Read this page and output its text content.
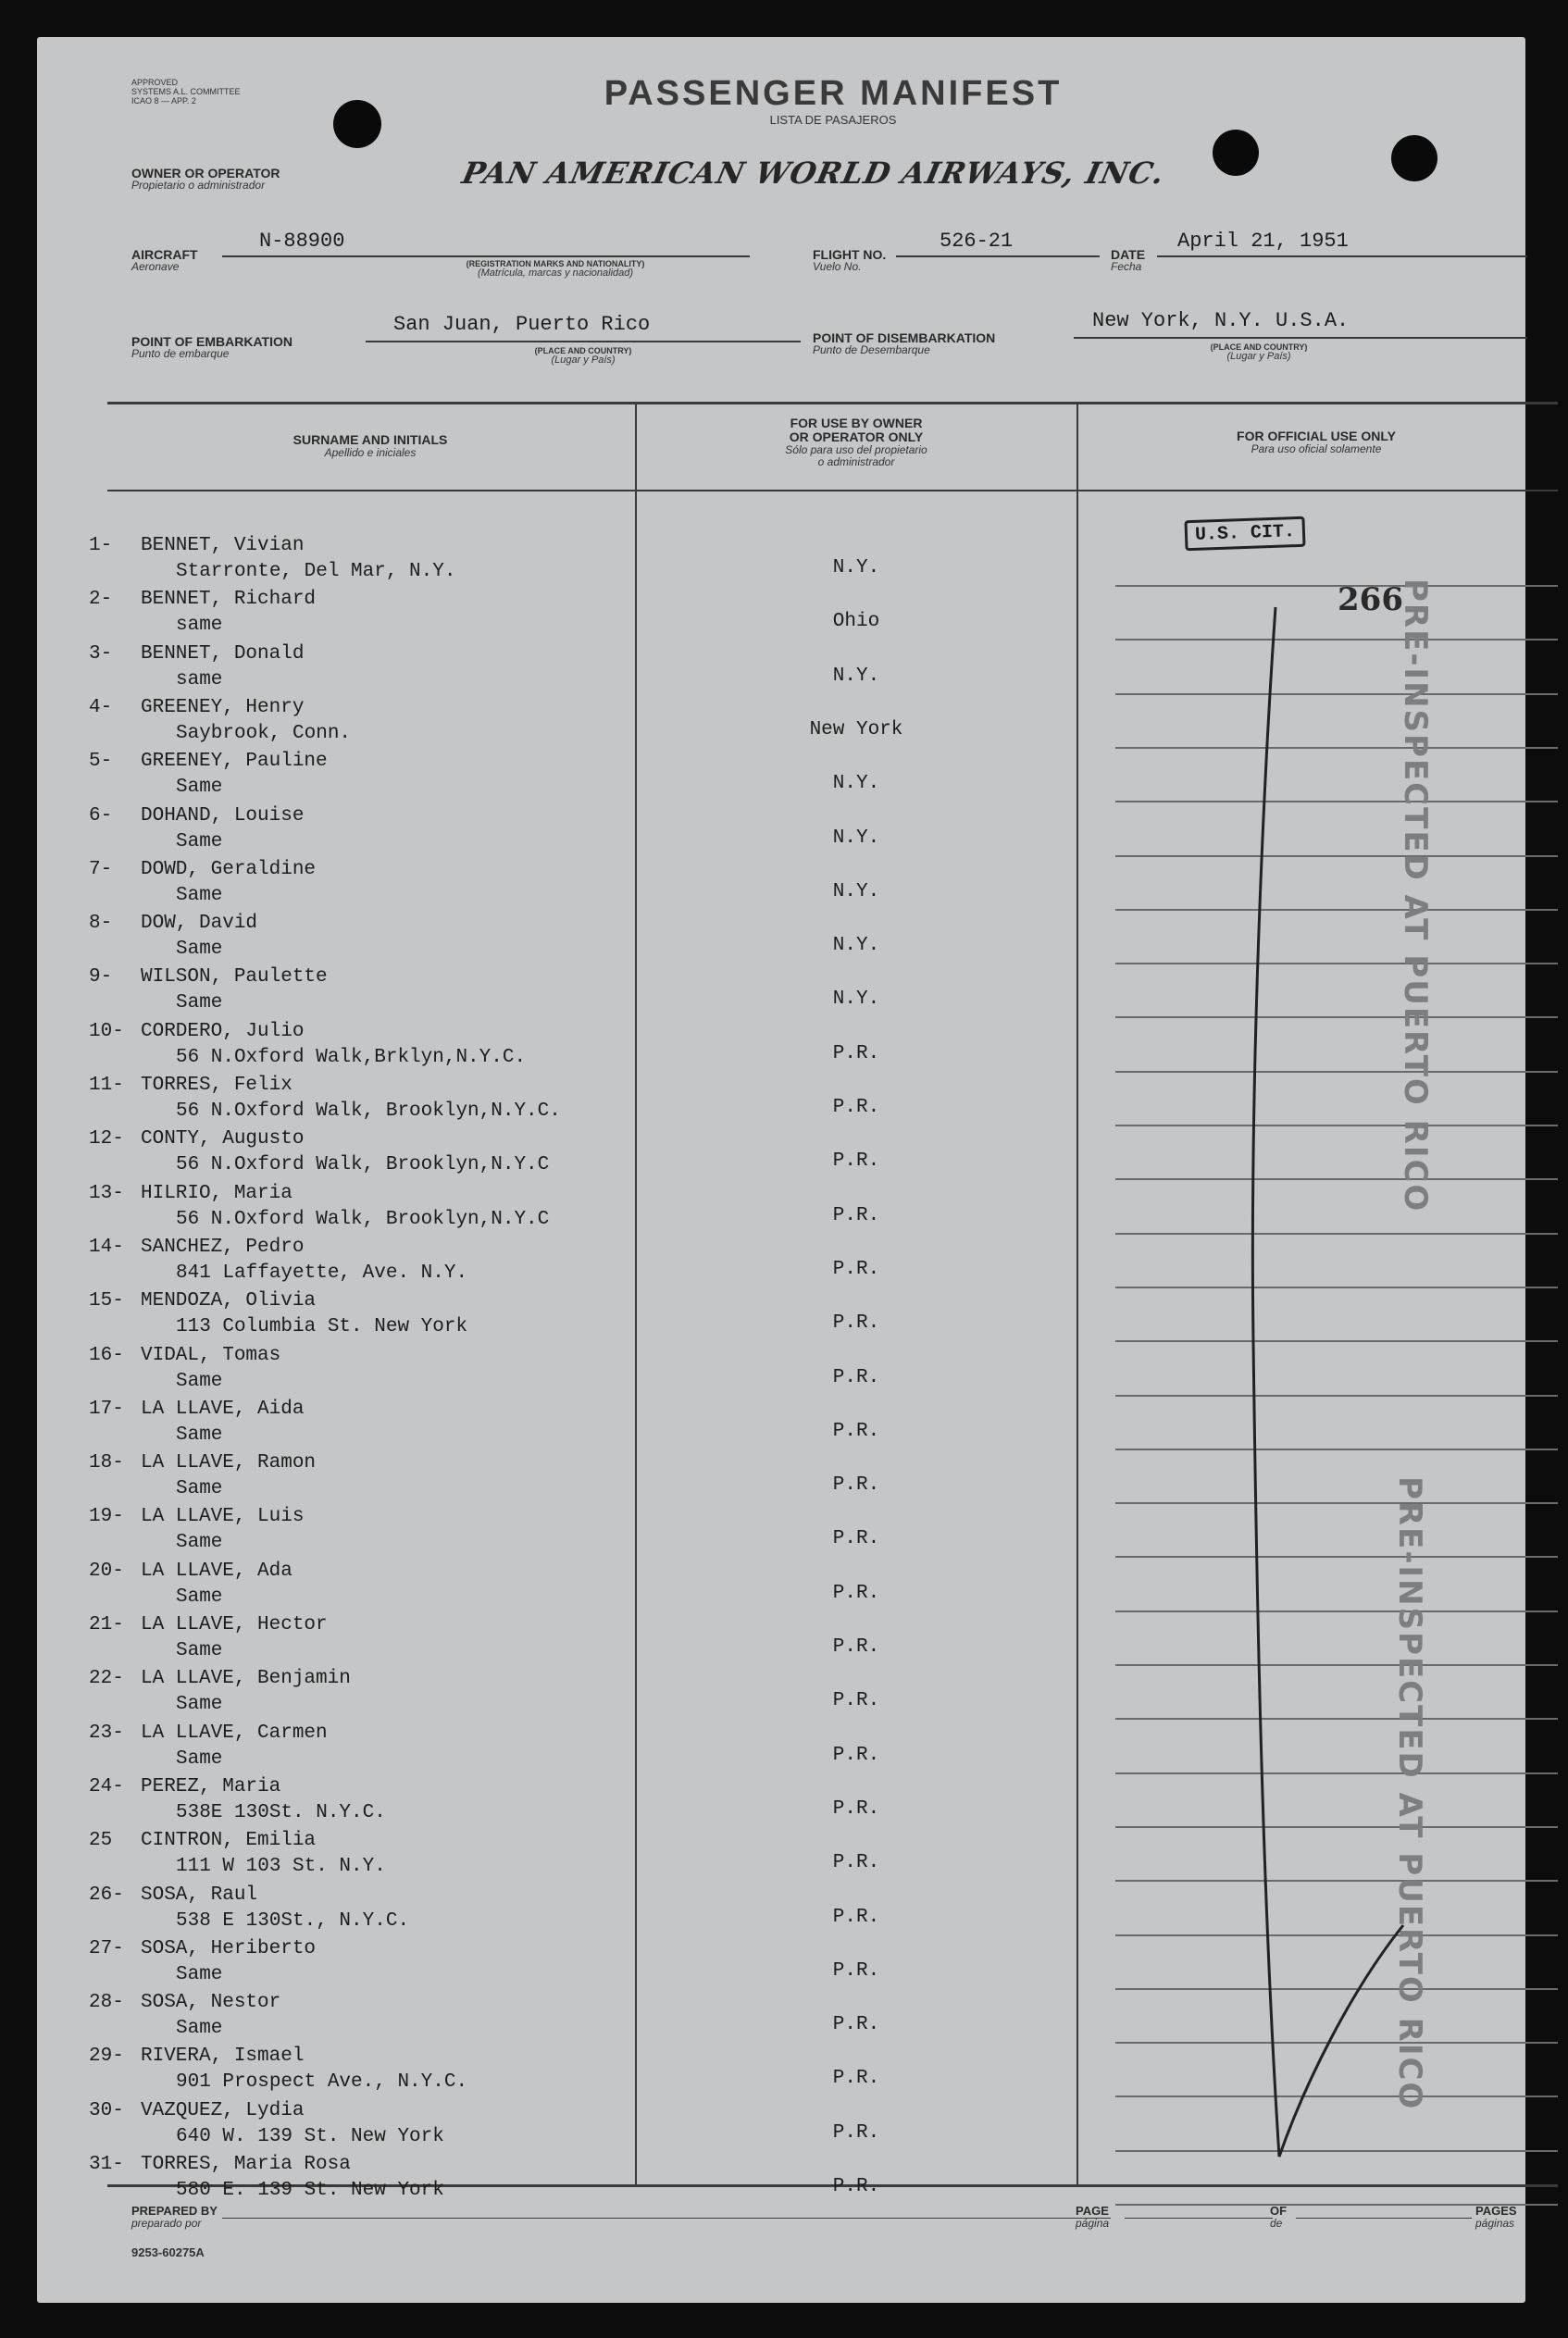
APPROVED
SYSTEMS A.L. COMMITTEE
ICAO 8 — APP. 2	PASSENGER MANIFEST
LISTA DE PASAJEROS
OWNER OR OPERATOR
Propietario o administrador	PAN AMERICAN WORLD AIRWAYS, INC.
AIRCRAFT
Aeronave
N-88900
(REGISTRATION MARKS AND NATIONALITY)
(Matrícula, marcas y nacionalidad)
FLIGHT NO.
Vuelo No.
526-21
DATE
Fecha
April 21, 1951
POINT OF EMBARKATION
Punto de embarque
San Juan, Puerto Rico
(PLACE AND COUNTRY)
(Lugar y País)
POINT OF DISEMBARKATION
Punto de Desembarque
New York, N.Y. U.S.A.
(PLACE AND COUNTRY)
(Lugar y País)
SURNAME AND INITIALS
Apellido e iniciales
FOR USE BY OWNER
OR OPERATOR ONLY
Sólo para uso del propietario
o administrador
FOR OFFICIAL USE ONLY
Para uso oficial solamente
1- BENNET, Vivian
Starronte, Del Mar, N.Y.	N.Y.
2- BENNET, Richard
same	Ohio
3- BENNET, Donald
same	N.Y.
4- GREENEY, Henry
Saybrook, Conn.	New York
5- GREENEY, Pauline
Same	N.Y.
6- DOHAND, Louise
Same	N.Y.
7- DOWD, Geraldine
Same	N.Y.
8- DOW, David
Same	N.Y.
9- WILSON, Paulette
Same	N.Y.
10- CORDERO, Julio
56 N.Oxford Walk,Brklyn,N.Y.C.	P.R.
11- TORRES, Felix
56 N.Oxford Walk, Brooklyn,N.Y.C.	P.R.
12- CONTY, Augusto
56 N.Oxford Walk, Brooklyn,N.Y.C	P.R.
13- HILRIO, Maria
56 N.Oxford Walk, Brooklyn,N.Y.C	P.R.
14- SANCHEZ, Pedro
841 Laffayette, Ave. N.Y.	P.R.
15- MENDOZA, Olivia
113 Columbia St. New York	P.R.
16- VIDAL, Tomas
Same	P.R.
17- LA LLAVE, Aida
Same	P.R.
18- LA LLAVE, Ramon
Same	P.R.
19- LA LLAVE, Luis
Same	P.R.
20- LA LLAVE, Ada
Same	P.R.
21- LA LLAVE, Hector
Same	P.R.
22- LA LLAVE, Benjamin
Same	P.R.
23- LA LLAVE, Carmen
Same	P.R.
24- PEREZ, Maria
538E 130St. N.Y.C.	P.R.
25 CINTRON, Emilia
111 W 103 St. N.Y.	P.R.
26- SOSA, Raul
538 E 130St., N.Y.C.	P.R.
27- SOSA, Heriberto
Same	P.R.
28- SOSA, Nestor
Same	P.R.
29- RIVERA, Ismael
901 Prospect Ave., N.Y.C.	P.R.
30- VAZQUEZ, Lydia
640 W. 139 St. New York	P.R.
31- TORRES, Maria Rosa
580 E. 139 St. New York	P.R.
U.S. CIT.
266
PRE-INSPECTED AT PUERTO RICO
PRE-INSPECTED AT PUERTO RICO
PREPARED BY
preparado por
PAGE
página
OF
de
PAGES
páginas
9253-60275A
